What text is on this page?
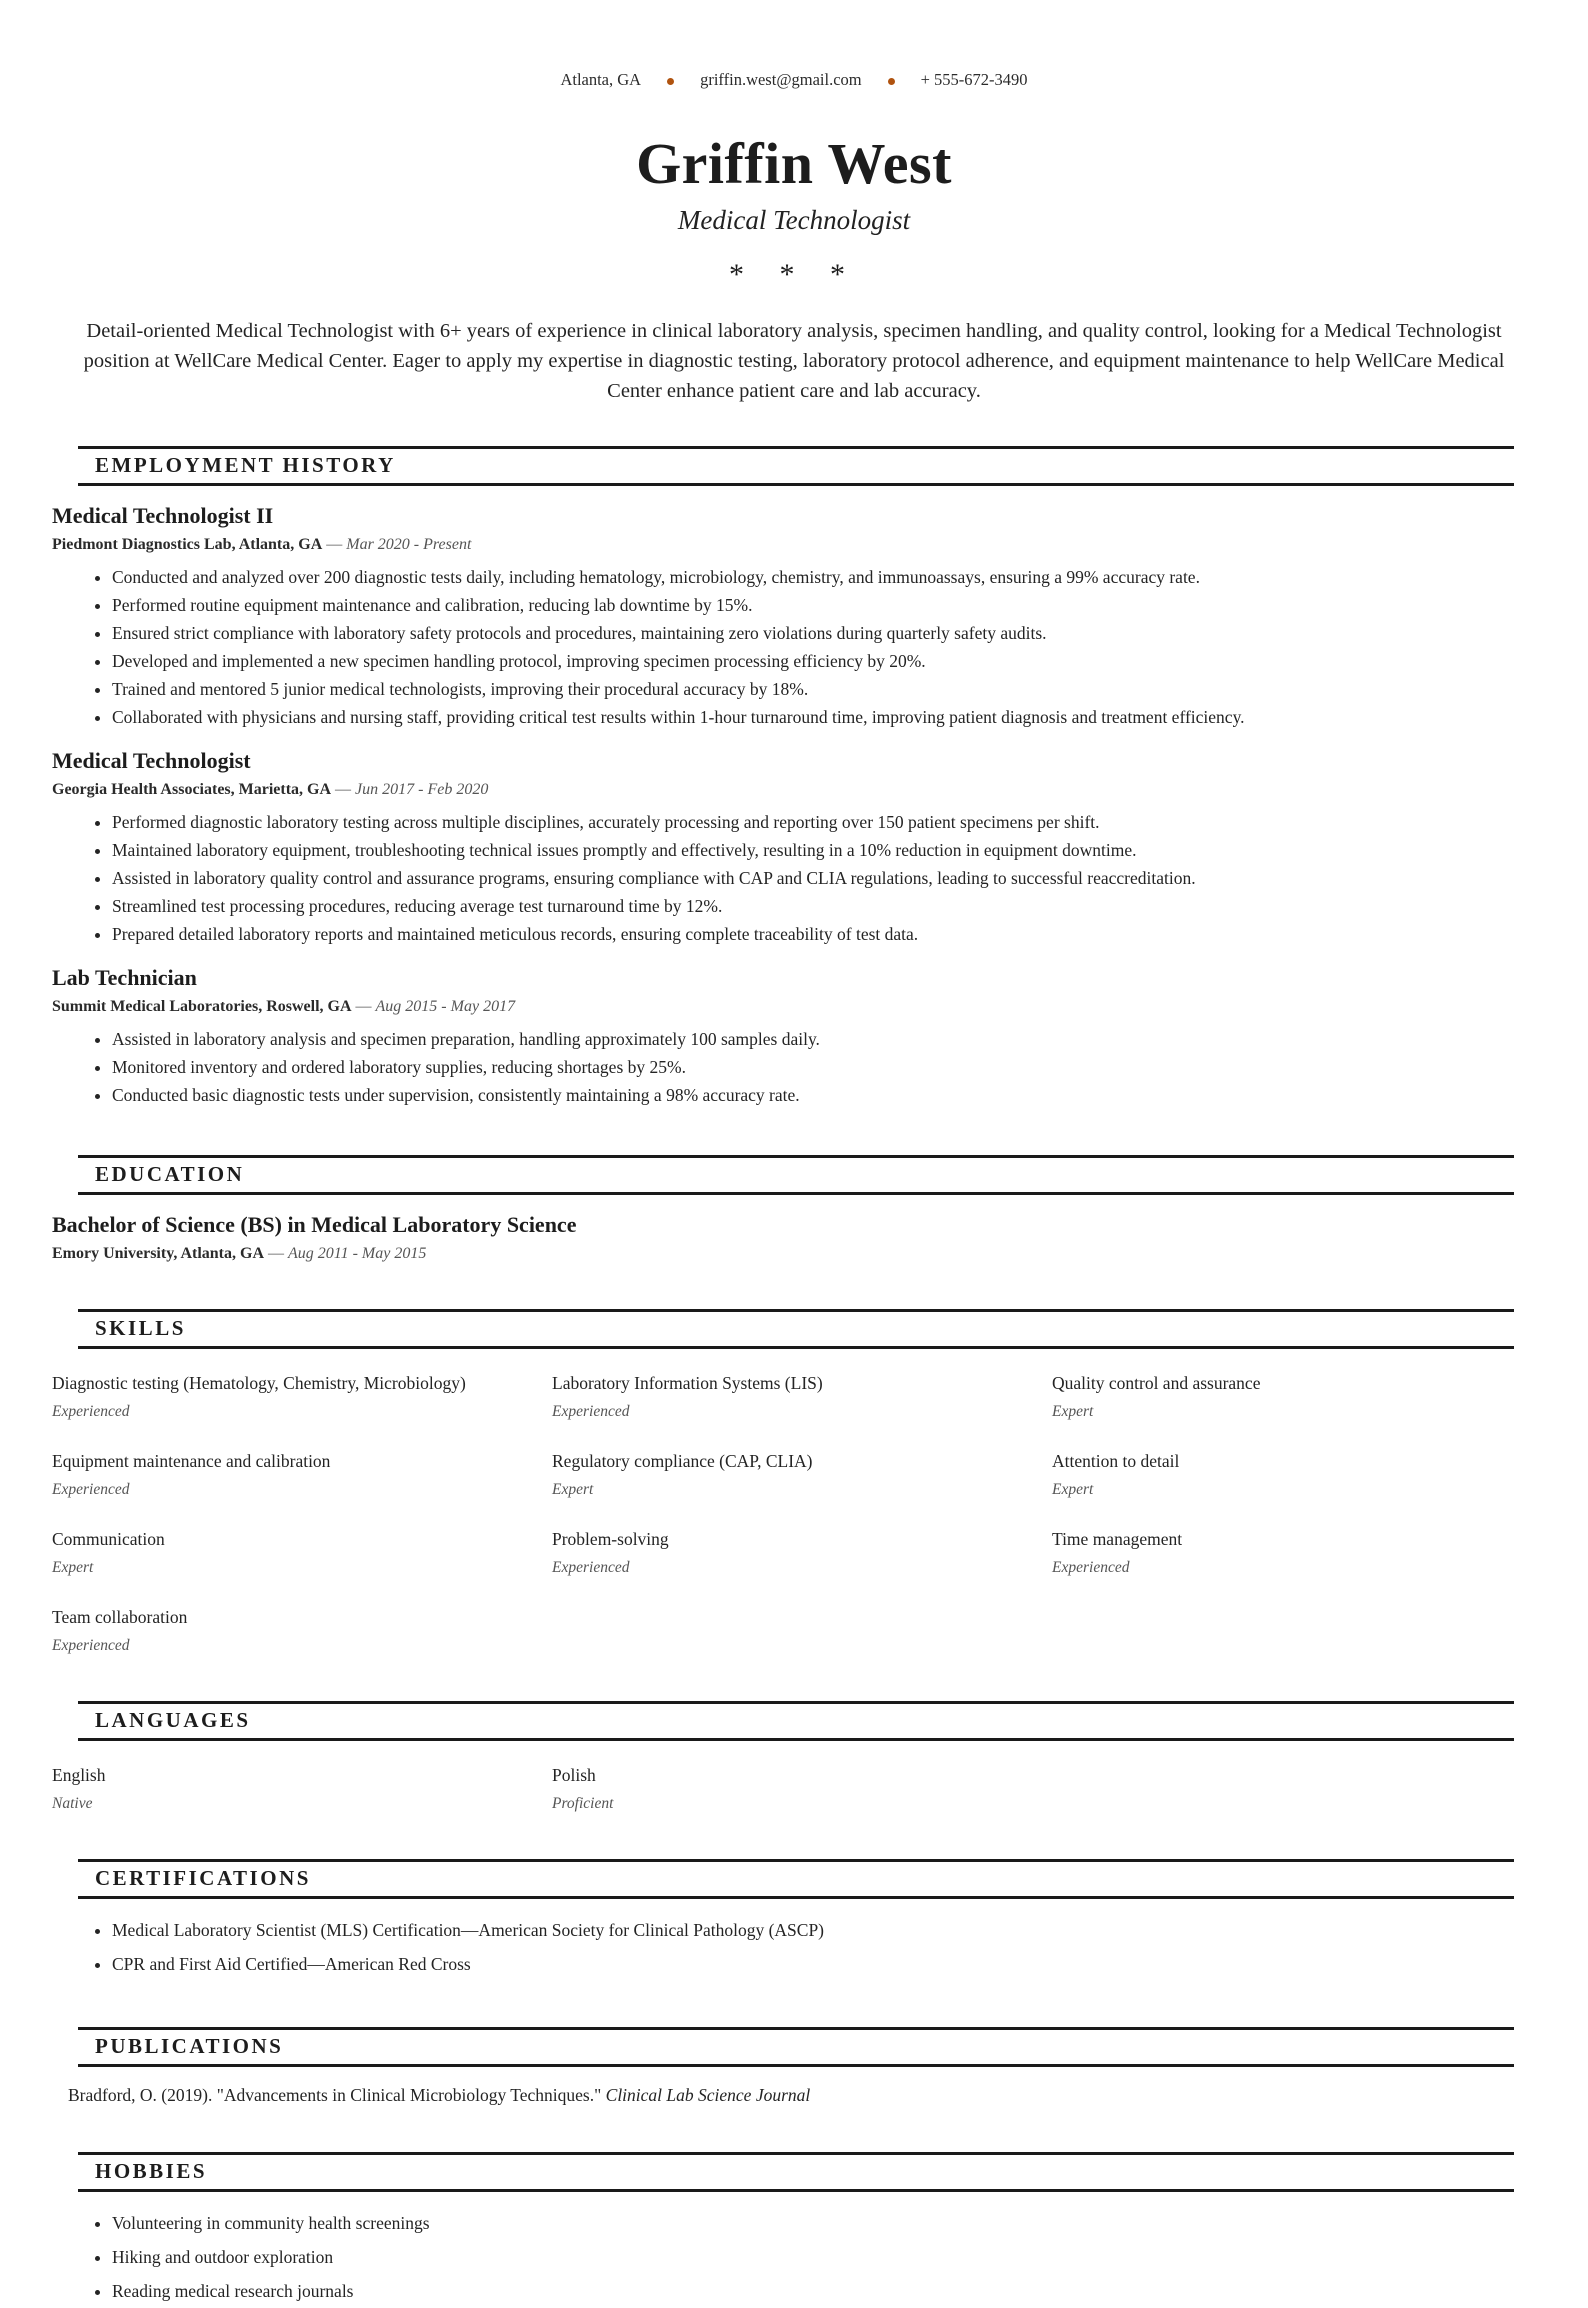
Atlanta, GA	griffin.west@gmail.com	+ 555-672-3490
Griffin West
Medical Technologist
* * *

Detail-oriented Medical Technologist with 6+ years of experience in clinical laboratory analysis, specimen handling, and quality control, looking for a Medical Technologist position at WellCare Medical Center. Eager to apply my expertise in diagnostic testing, laboratory protocol adherence, and equipment maintenance to help WellCare Medical Center enhance patient care and lab accuracy.

EMPLOYMENT HISTORY
Medical Technologist II

Piedmont Diagnostics Lab, Atlanta, GA — Mar 2020 - Present

• Conducted and analyzed over 200 diagnostic tests daily, including hematology, microbiology, chemistry, and immunoassays, ensuring a 99% accuracy rate.
• Performed routine equipment maintenance and calibration, reducing lab downtime by 15%.
• Ensured strict compliance with laboratory safety protocols and procedures, maintaining zero violations during quarterly safety audits.
• Developed and implemented a new specimen handling protocol, improving specimen processing efficiency by 20%.
• Trained and mentored 5 junior medical technologists, improving their procedural accuracy by 18%.
• Collaborated with physicians and nursing staff, providing critical test results within 1-hour turnaround time, improving patient diagnosis and treatment efficiency.
Medical Technologist

Georgia Health Associates, Marietta, GA — Jun 2017 - Feb 2020

• Performed diagnostic laboratory testing across multiple disciplines, accurately processing and reporting over 150 patient specimens per shift.
• Maintained laboratory equipment, troubleshooting technical issues promptly and effectively, resulting in a 10% reduction in equipment downtime.
• Assisted in laboratory quality control and assurance programs, ensuring compliance with CAP and CLIA regulations, leading to successful reaccreditation.
• Streamlined test processing procedures, reducing average test turnaround time by 12%.
• Prepared detailed laboratory reports and maintained meticulous records, ensuring complete traceability of test data.
Lab Technician

Summit Medical Laboratories, Roswell, GA — Aug 2015 - May 2017

• Assisted in laboratory analysis and specimen preparation, handling approximately 100 samples daily.
• Monitored inventory and ordered laboratory supplies, reducing shortages by 25%.
• Conducted basic diagnostic tests under supervision, consistently maintaining a 98% accuracy rate.
EDUCATION
Bachelor of Science (BS) in Medical Laboratory Science

Emory University, Atlanta, GA — Aug 2011 - May 2015

SKILLS
Diagnostic testing (Hematology, Chemistry, Microbiology)
Experienced
Laboratory Information Systems (LIS)
Experienced
Quality control and assurance
Expert
Equipment maintenance and calibration
Experienced
Regulatory compliance (CAP, CLIA)
Expert
Attention to detail
Expert
Communication
Expert
Problem-solving
Experienced
Time management
Experienced
Team collaboration
Experienced
LANGUAGES
English
Native
Polish
Proficient
CERTIFICATIONS
• Medical Laboratory Scientist (MLS) Certification—American Society for Clinical Pathology (ASCP)
• CPR and First Aid Certified—American Red Cross
PUBLICATIONS

Bradford, O. (2019). "Advancements in Clinical Microbiology Techniques." Clinical Lab Science Journal

HOBBIES
• Volunteering in community health screenings
• Hiking and outdoor exploration
• Reading medical research journals
